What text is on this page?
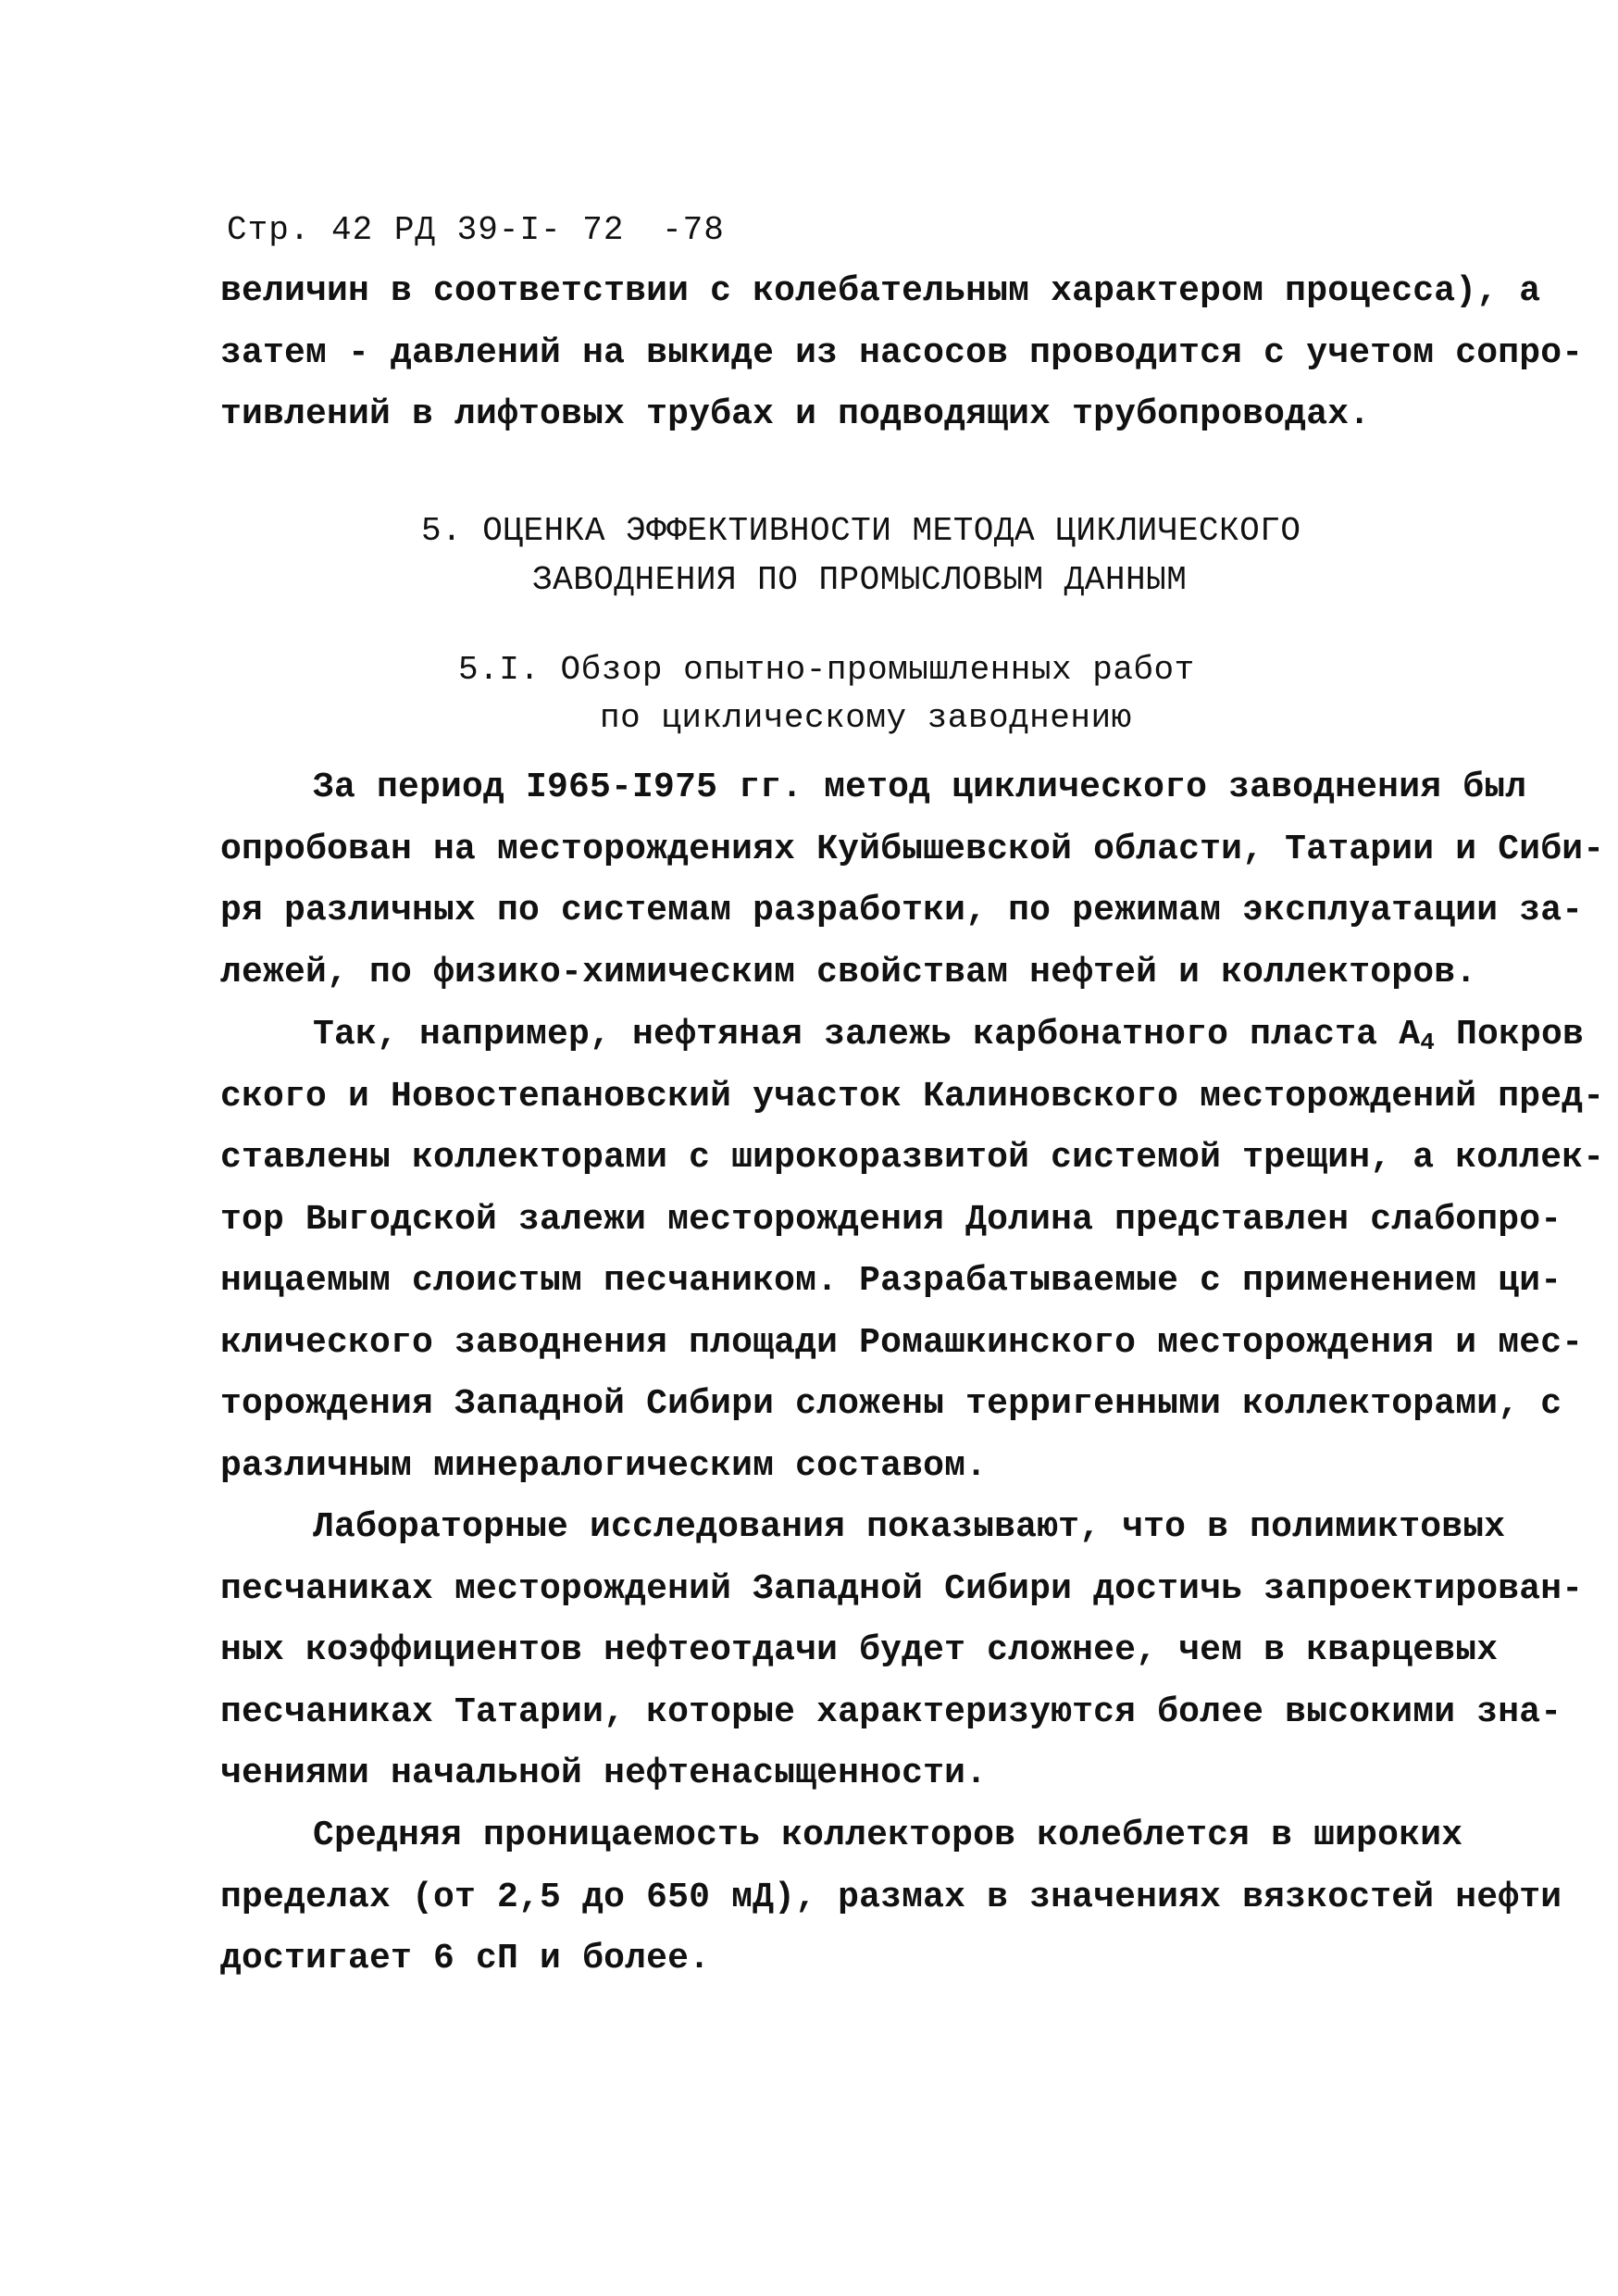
Стр. 42 РД 39-I- 72 -78
величин в соответствии с колебательным характером процесса), а
затем - давлений на выкиде из насосов проводится с учетом сопро-
тивлений в лифтовых трубах и подводящих трубопроводах.
5. ОЦЕНКА ЭФФЕКТИВНОСТИ МЕТОДА ЦИКЛИЧЕСКОГО
ЗАВОДНЕНИЯ ПО ПРОМЫСЛОВЫМ ДАННЫМ
5.I. Обзор опытно-промышленных работ
по циклическому заводнению
За период I965-I975 гг. метод циклического заводнения был
опробован на месторождениях Куйбышевской области, Татарии и Сиби-
ря различных по системам разработки, по режимам эксплуатации за-
лежей, по физико-химическим свойствам нефтей и коллекторов.
Так, например, нефтяная залежь карбонатного пласта $А_4$ Покров
ского и Новостепановский участок Калиновского месторождений пред-
ставлены коллекторами с широкоразвитой системой трещин, а коллек-
тор Выгодской залежи месторождения Долина представлен слабопро-
ницаемым слоистым песчаником. Разрабатываемые с применением ци-
клического заводнения площади Ромашкинского месторождения и мес-
торождения Западной Сибири сложены терригенными коллекторами, с
различным минералогическим составом.
Лабораторные исследования показывают, что в полимиктовых
песчаниках месторождений Западной Сибири достичь запроектирован-
ных коэффициентов нефтеотдачи будет сложнее, чем в кварцевых
песчаниках Татарии, которые характеризуются более высокими зна-
чениями начальной нефтенасыщенности.
Средняя проницаемость коллекторов колеблется в широких
пределах (от 2,5 до 650 мД), размах в значениях вязкостей нефти
достигает 6 сП и более.
